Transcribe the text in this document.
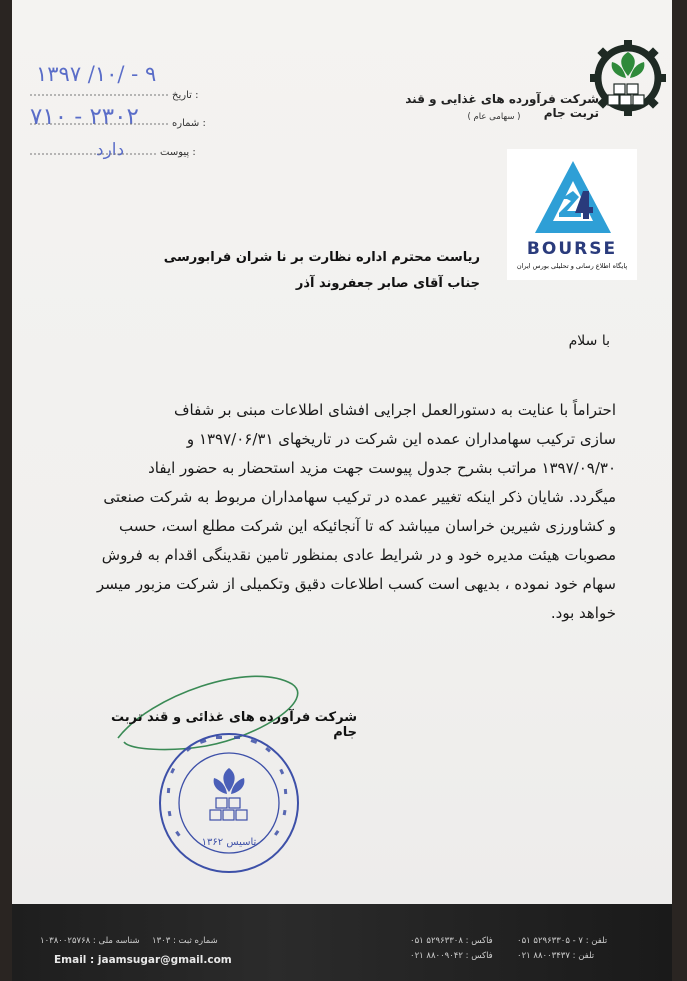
۱۳۹۷ /۱۰/ - ۹
تاریخ :
۷۱۰ - ۲۳۰۲	شماره :
دارد	پیوست :
شرکت فرآورده های غذایی و قند تربت جام
( سهامی عام )
BOURSE
پایگاه اطلاع رسانی و تحلیلی بورس ایران
ریاست محترم اداره نظارت بر نا شران فرابورسی
جناب آقای صابر جعفروند آذر
با سلام
احتراماً با عنایت به دستورالعمل اجرایی افشای اطلاعات مبنی بر شفاف
سازی ترکیب سهامداران عمده این شرکت در تاریخهای ۱۳۹۷/۰۶/۳۱ و
۱۳۹۷/۰۹/۳۰ مراتب بشرح جدول پیوست جهت مزید استحضار به حضور ایفاد
میگردد. شایان ذکر اینکه تغییر عمده در ترکیب سهامداران مربوط به شرکت صنعتی
و کشاورزی شیرین خراسان میباشد که تا آنجائیکه این شرکت مطلع است، حسب
مصوبات هیئت مدیره خود و در شرایط عادی بمنظور تامین نقدینگی اقدام به فروش
سهام خود نموده ، بدیهی است کسب اطلاعات دقیق وتکمیلی از شرکت مزبور میسر
خواهد بود.
شرکت فرآورده های غذائی و قند تربت جام
تاسیس ۱۳۶۲
شناسه ملی : ۱۰۳۸۰۰۲۵۷۶۸ شماره ثبت : ۱۳۰۳	فاکس : ۵۲۹۶۳۳۰۸ ۰۵۱	تلفن : ۷ - ۵۲۹۶۳۳۰۵ ۰۵۱
فاکس : ۸۸۰۰۹۰۴۲ ۰۲۱	تلفن : ۸۸۰۰۳۴۳۷ ۰۲۱
Email : jaamsugar@gmail.com
